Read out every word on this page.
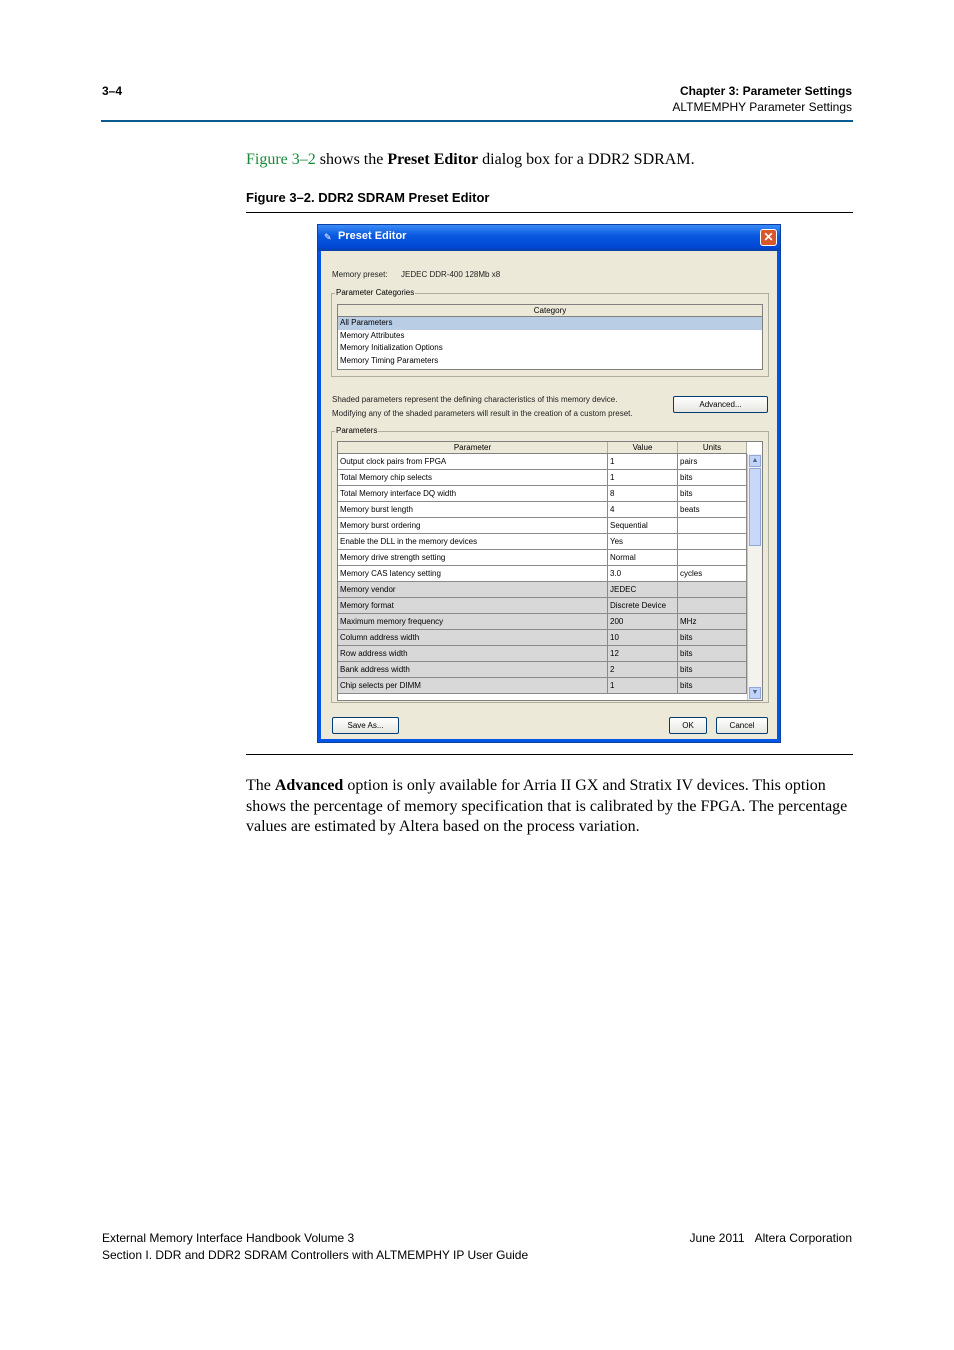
3–4	Chapter 3: Parameter Settings
ALTMEMPHY Parameter Settings
Figure 3–2 shows the Preset Editor dialog box for a DDR2 SDRAM.
Figure 3–2. DDR2 SDRAM Preset Editor
✎ Preset Editor	✕
Memory preset: JEDEC DDR-400 128Mb x8
Parameter Categories
Category
All Parameters
Memory Attributes
Memory Initialization Options
Memory Timing Parameters
Shaded parameters represent the defining characteristics of this memory device.
Modifying any of the shaded parameters will result in the creation of a custom preset.
Advanced...
Parameters
Parameter	Value	Units
Output clock pairs from FPGA	1	pairs
Total Memory chip selects	1	bits
Total Memory interface DQ width	8	bits
Memory burst length	4	beats
Memory burst ordering	Sequential
Enable the DLL in the memory devices	Yes
Memory drive strength setting	Normal
Memory CAS latency setting	3.0	cycles
Memory vendor	JEDEC
Memory format	Discrete Device
Maximum memory frequency	200	MHz
Column address width	10	bits
Row address width	12	bits
Bank address width	2	bits
Chip selects per DIMM	1	bits
▲
▼
Save As...	OK	Cancel
The Advanced option is only available for Arria II GX and Stratix IV devices. This option shows the percentage of memory specification that is calibrated by the FPGA. The percentage values are estimated by Altera based on the process variation.
External Memory Interface Handbook Volume 3
Section I. DDR and DDR2 SDRAM Controllers with ALTMEMPHY IP User Guide
June 2011 Altera Corporation
